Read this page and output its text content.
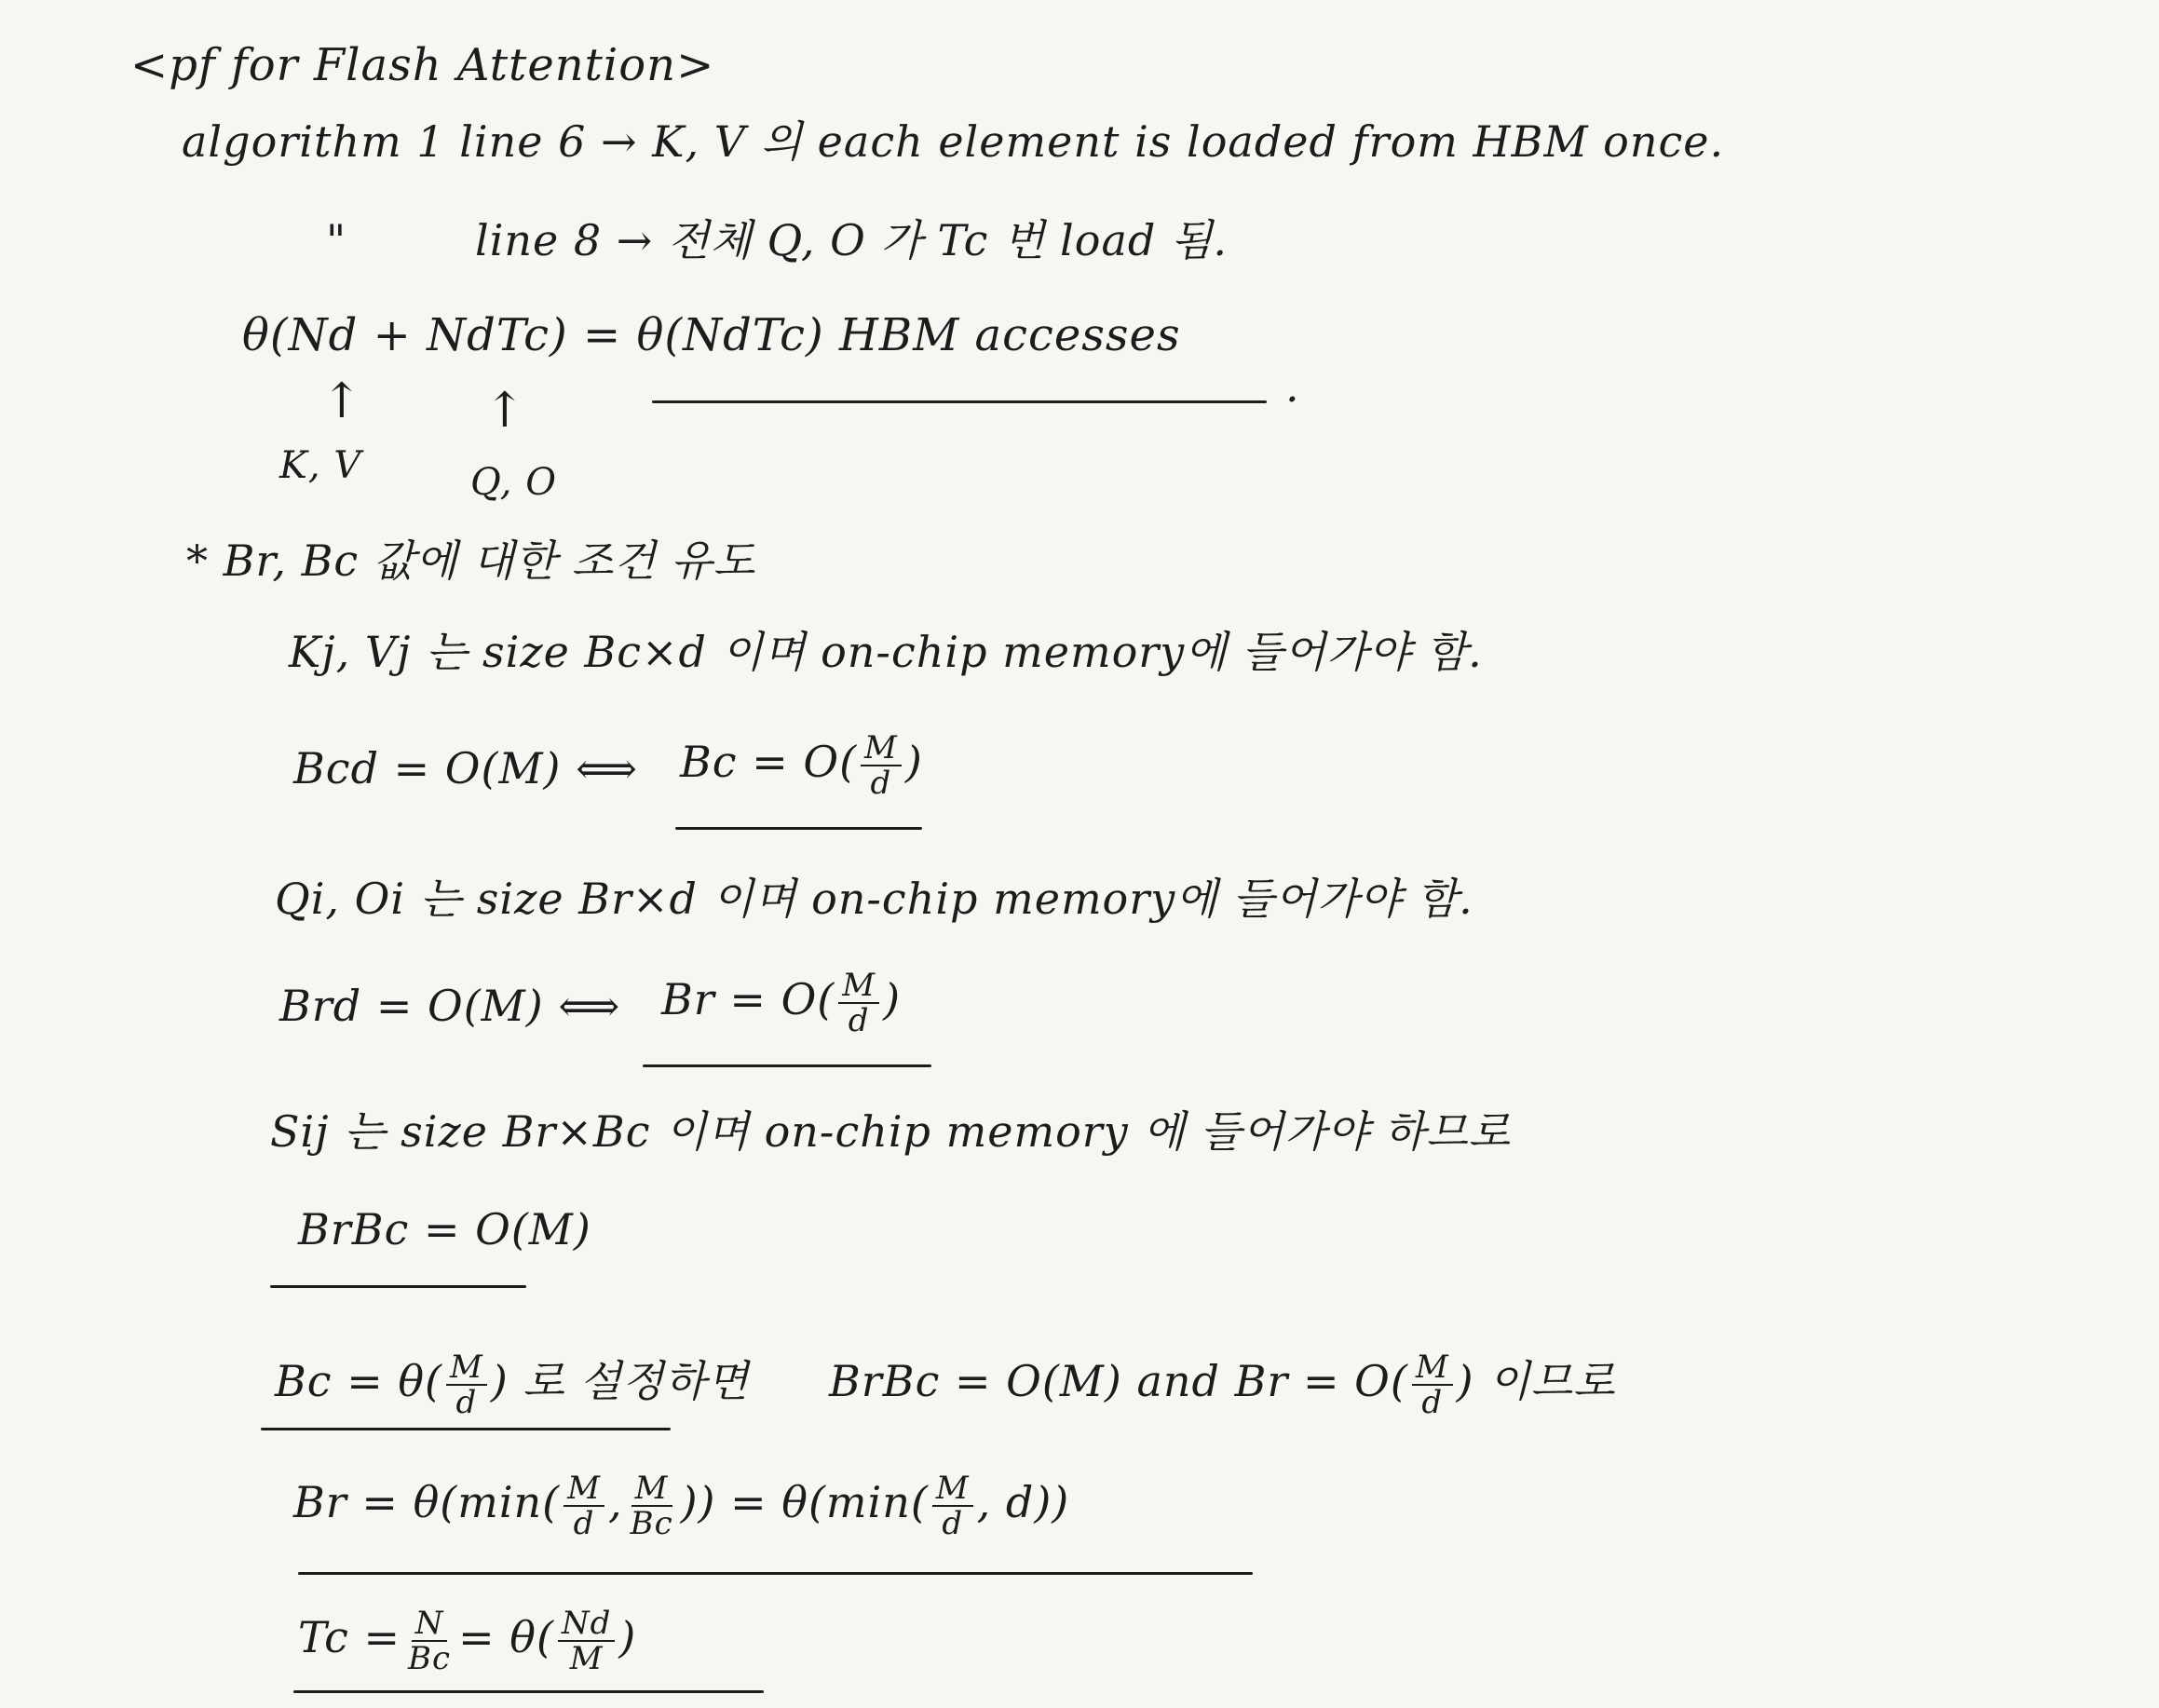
<pf for Flash Attention>
algorithm 1 line 6 → K, V 의 each element is loaded from HBM once.
"	line 8 → 전체 Q, O 가 Tc 번 load 됨.
θ(Nd + NdTc) = θ(NdTc) HBM accesses
.
↑	↑
K, V	Q, O
* Br, Bc 값에 대한 조건 유도
Kj, Vj 는 size Bc×d 이며 on-chip memory에 들어가야 함.
Bcd = O(M) ⟺ $Bc = O( \frac{M}{d}$ )
Qi, Oi 는 size Br×d 이며 on-chip memory에 들어가야 함.
Brd = O(M) ⟺ $Br = O( \frac{M}{d}$ )
Sij 는 size Br×Bc 이며 on-chip memory 에 들어가야 하므로
BrBc = O(M)
$Bc = \theta( \frac{M}{d}$ ) 로 설정하면 BrBc = O(M) and $Br = O( \frac{M}{d}$ ) 이므로
$Br = \theta(\min( \frac{M}{d}$ , $\frac{M}{Bc}$ )) = $\theta(\min( \frac{M}{d}$ , d))
$Tc = \frac{N}{Bc} = \theta( \frac{Nd}{M}$ )
